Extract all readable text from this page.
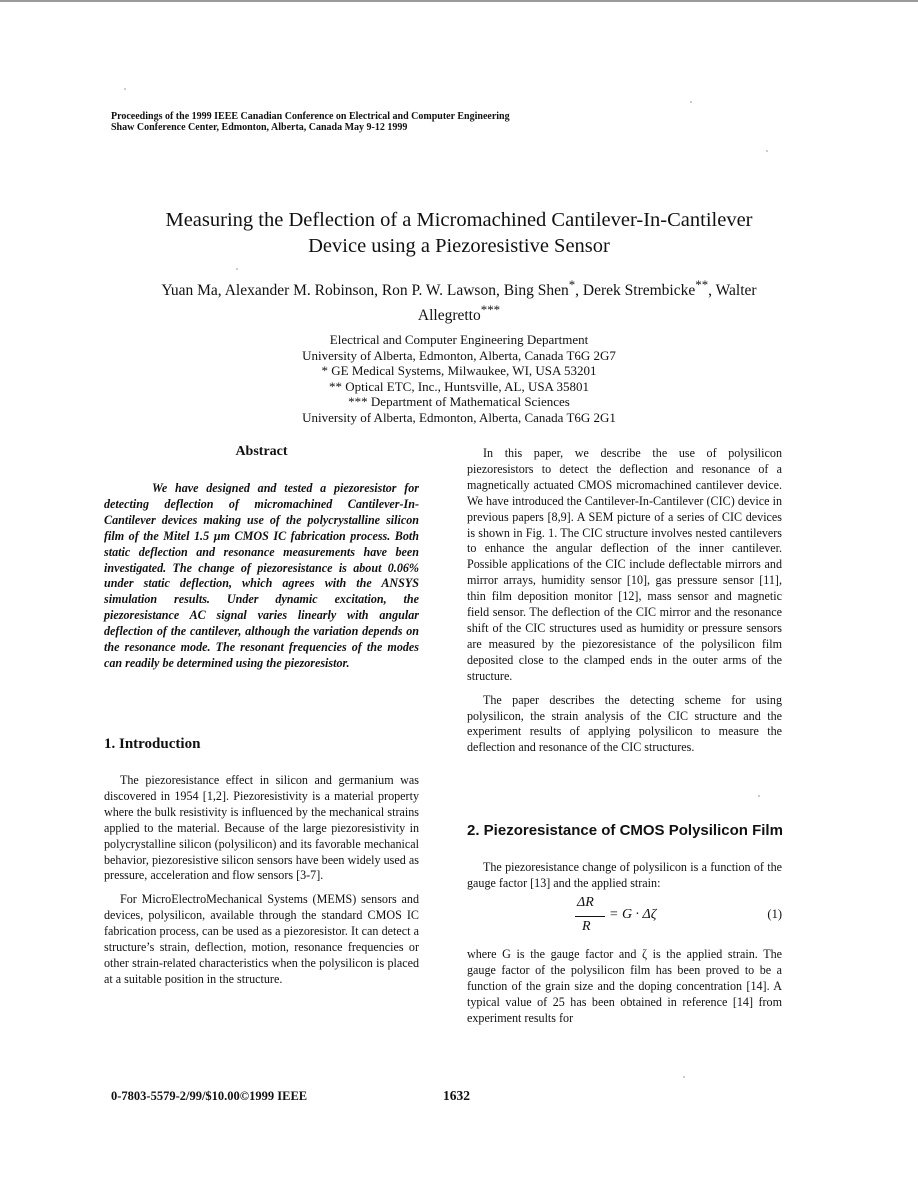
Proceedings of the 1999 IEEE Canadian Conference on Electrical and Computer Engineering
Shaw Conference Center, Edmonton, Alberta, Canada May 9-12 1999
Measuring the Deflection of a Micromachined Cantilever-In-Cantilever
Device using a Piezoresistive Sensor
Yuan Ma, Alexander M. Robinson, Ron P. W. Lawson, Bing Shen*, Derek Strembicke**, Walter
Allegretto***
Electrical and Computer Engineering Department
University of Alberta, Edmonton, Alberta, Canada T6G 2G7
* GE Medical Systems, Milwaukee, WI, USA 53201
** Optical ETC, Inc., Huntsville, AL, USA 35801
*** Department of Mathematical Sciences
University of Alberta, Edmonton, Alberta, Canada T6G 2G1
Abstract

We have designed and tested a piezoresistor for detecting deflection of micromachined Cantilever-In-Cantilever devices making use of the polycrystalline silicon film of the Mitel 1.5 µm CMOS IC fabrication process. Both static deflection and resonance measurements have been investigated. The change of piezoresistance is about 0.06% under static deflection, which agrees with the ANSYS simulation results. Under dynamic excitation, the piezoresistance AC signal varies linearly with angular deflection of the cantilever, although the variation depends on the resonance mode. The resonant frequencies of the modes can readily be determined using the piezoresistor.

1. Introduction

The piezoresistance effect in silicon and germanium was discovered in 1954 [1,2]. Piezoresistivity is a material property where the bulk resistivity is influenced by the mechanical strains applied to the material. Because of the large piezoresistivity in polycrystalline silicon (polysilicon) and its favorable mechanical behavior, piezoresistive silicon sensors have been widely used as pressure, acceleration and flow sensors [3-7].

For MicroElectroMechanical Systems (MEMS) sensors and devices, polysilicon, available through the standard CMOS IC fabrication process, can be used as a piezoresistor. It can detect a structure’s strain, deflection, motion, resonance frequencies or other strain-related characteristics when the polysilicon is placed at a suitable position in the structure.

In this paper, we describe the use of polysilicon piezoresistors to detect the deflection and resonance of a magnetically actuated CMOS micromachined cantilever device. We have introduced the Cantilever-In-Cantilever (CIC) device in previous papers [8,9]. A SEM picture of a series of CIC devices is shown in Fig. 1. The CIC structure involves nested cantilevers to enhance the angular deflection of the inner cantilever. Possible applications of the CIC include deflectable mirrors and mirror arrays, humidity sensor [10], gas pressure sensor [11], thin film deposition monitor [12], mass sensor and magnetic field sensor. The deflection of the CIC mirror and the resonance shift of the CIC structures used as humidity or pressure sensors are measured by the piezoresistance of the polysilicon film deposited close to the clamped ends in the outer arms of the structure.

The paper describes the detecting scheme for using polysilicon, the strain analysis of the CIC structure and the experiment results of applying polysilicon to measure the deflection and resonance of the CIC structures.

2. Piezoresistance of CMOS Polysilicon Film

The piezoresistance change of polysilicon is a function of the gauge factor [13] and the applied strain:

ΔR
R
= G · Δζ	(1)

where G is the gauge factor and ζ is the applied strain. The gauge factor of the polysilicon film has been proved to be a function of the grain size and the doping concentration [14]. A typical value of 25 has been obtained in reference [14] from experiment results for

0-7803-5579-2/99/$10.00©1999 IEEE	1632
